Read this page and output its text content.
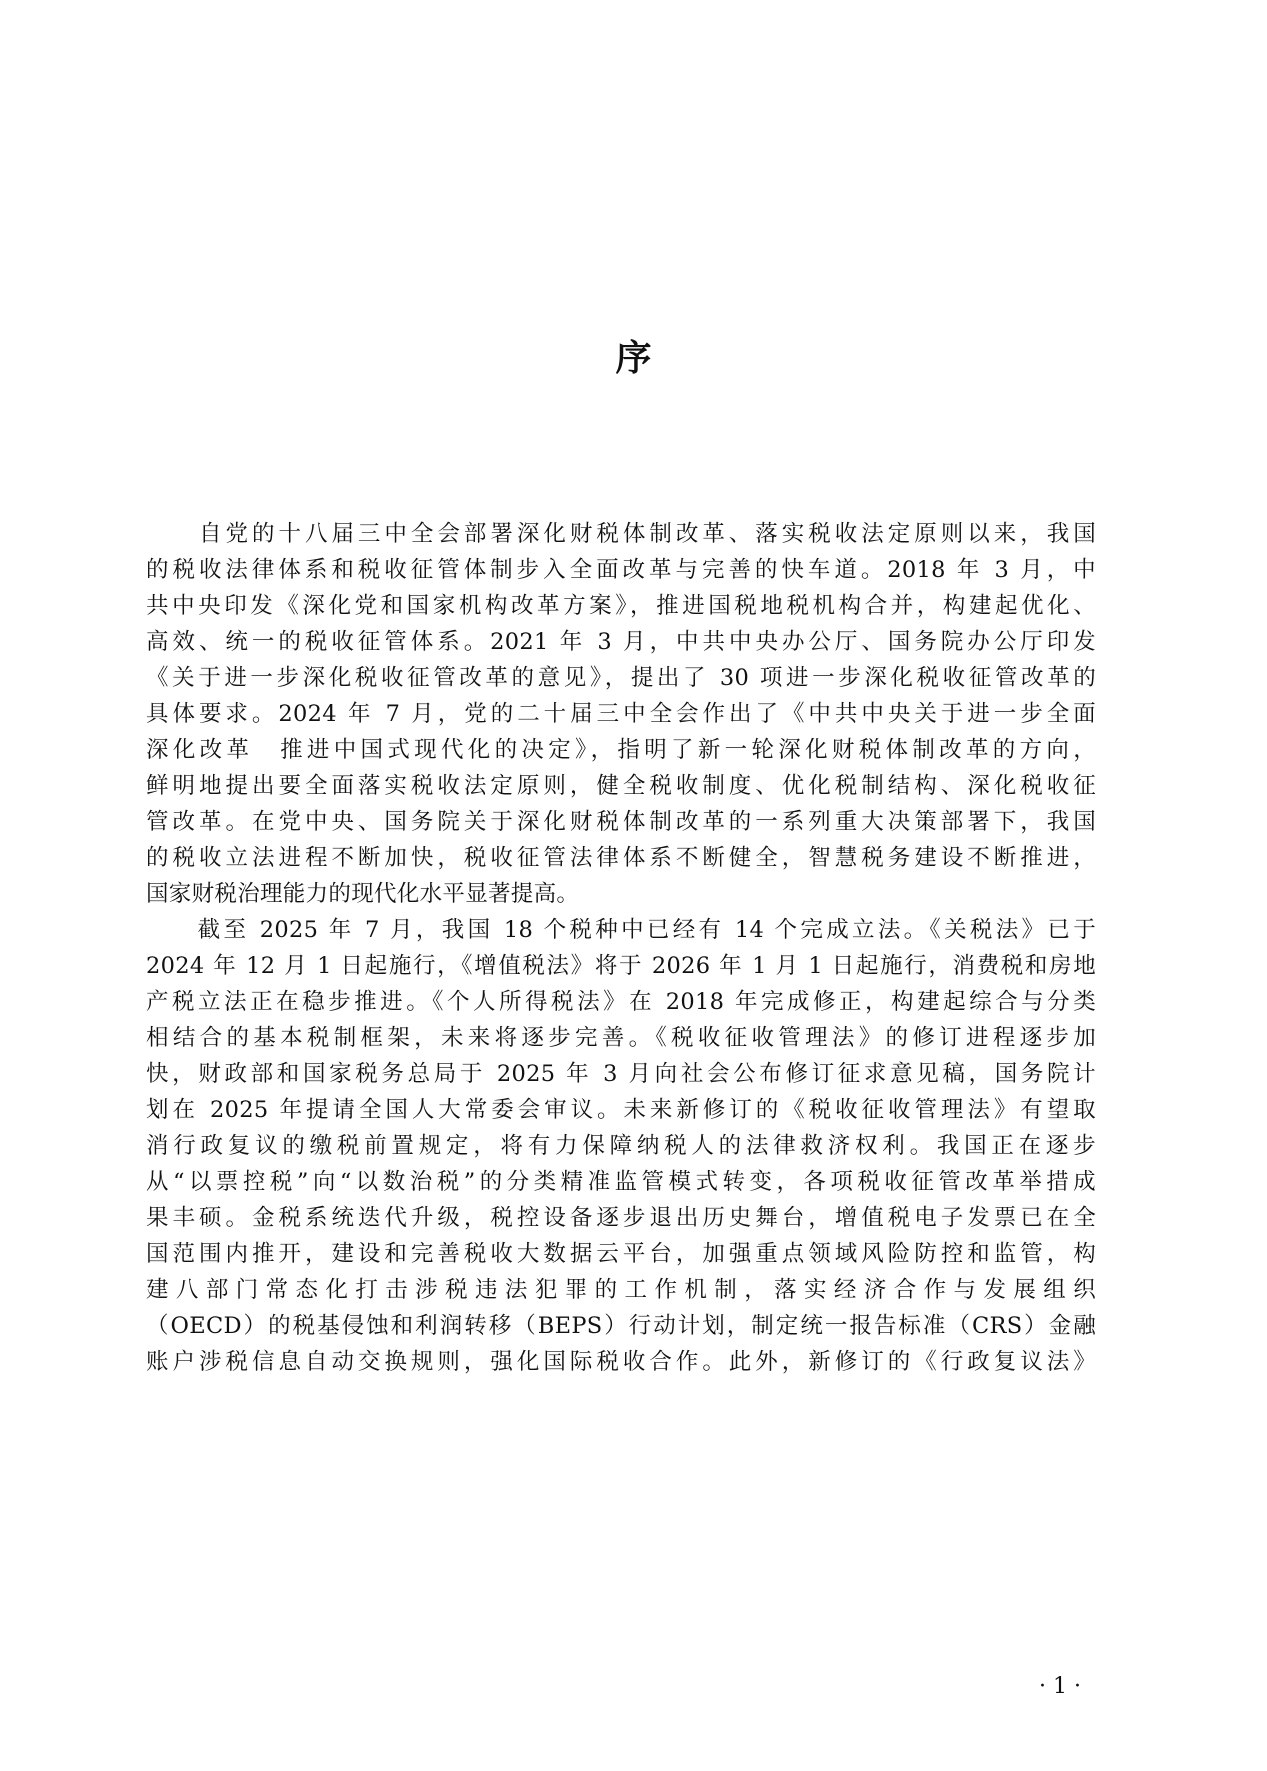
序
　　自党的十八届三中全会部署深化财税体制改革、落实税收法定原则以来，我国
的税收法律体系和税收征管体制步入全面改革与完善的快车道。2018 年 3 月，中
共中央印发《深化党和国家机构改革方案》，推进国税地税机构合并，构建起优化、
高效、统一的税收征管体系。2021 年 3 月，中共中央办公厅、国务院办公厅印发
《关于进一步深化税收征管改革的意见》，提出了 30 项进一步深化税收征管改革的
具体要求。2024 年 7 月，党的二十届三中全会作出了《中共中央关于进一步全面
深化改革　推进中国式现代化的决定》，指明了新一轮深化财税体制改革的方向，
鲜明地提出要全面落实税收法定原则，健全税收制度、优化税制结构、深化税收征
管改革。在党中央、国务院关于深化财税体制改革的一系列重大决策部署下，我国
的税收立法进程不断加快，税收征管法律体系不断健全，智慧税务建设不断推进，
国家财税治理能力的现代化水平显著提高。
　　截至 2025 年 7 月，我国 18 个税种中已经有 14 个完成立法。《关税法》已于
2024 年 12 月 1 日起施行，《增值税法》将于 2026 年 1 月 1 日起施行，消费税和房地
产税立法正在稳步推进。《个人所得税法》在 2018 年完成修正，构建起综合与分类
相结合的基本税制框架，未来将逐步完善。《税收征收管理法》的修订进程逐步加
快，财政部和国家税务总局于 2025 年 3 月向社会公布修订征求意见稿，国务院计
划在 2025 年提请全国人大常委会审议。未来新修订的《税收征收管理法》有望取
消行政复议的缴税前置规定，将有力保障纳税人的法律救济权利。我国正在逐步
从“以票控税”向“以数治税”的分类精准监管模式转变，各项税收征管改革举措成
果丰硕。金税系统迭代升级，税控设备逐步退出历史舞台，增值税电子发票已在全
国范围内推开，建设和完善税收大数据云平台，加强重点领域风险防控和监管，构
建八部门常态化打击涉税违法犯罪的工作机制，落实经济合作与发展组织
（OECD）的税基侵蚀和利润转移（BEPS）行动计划，制定统一报告标准（CRS）金融
账户涉税信息自动交换规则，强化国际税收合作。此外，新修订的《行政复议法》
· 1 ·
